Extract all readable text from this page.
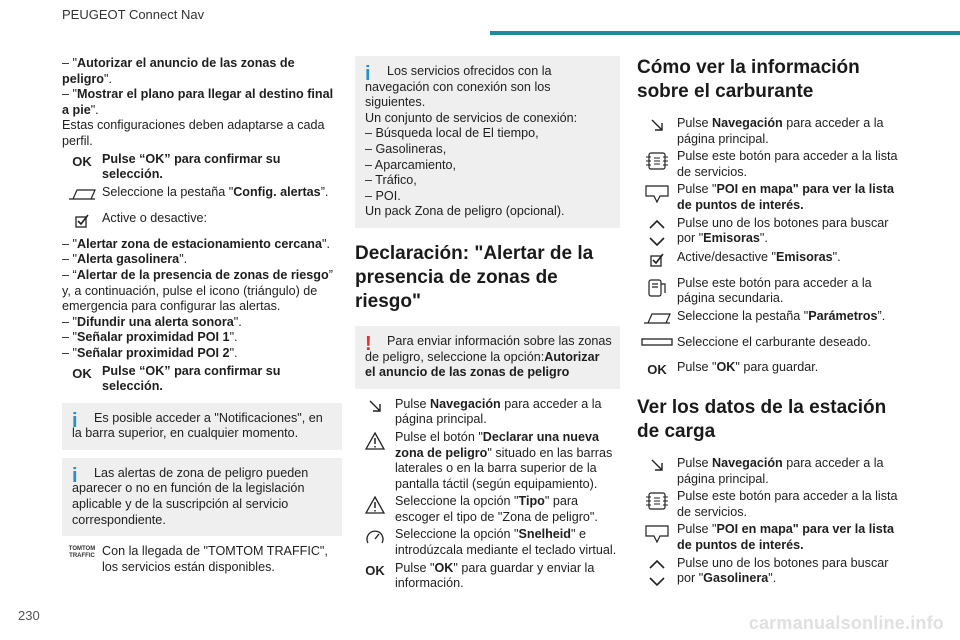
PEUGEOT Connect Nav

– "Autorizar el anuncio de las zonas de peligro".

– "Mostrar el plano para llegar al destino final a pie".

Estas configuraciones deben adaptarse a cada perfil.

OK Pulse “OK” para confirmar su selección.
Seleccione la pestaña "Config. alertas”.
Active o desactive:

– "Alertar zona de estacionamiento cercana".

– "Alerta gasolinera".

– “Alertar de la presencia de zonas de riesgo” y, a continuación, pulse el icono (triángulo) de emergencia para configurar las alertas.

– "Difundir una alerta sonora".

– "Señalar proximidad POI 1".

– "Señalar proximidad POI 2".

OK Pulse “OK” para confirmar su selección.
i	Es posible acceder a "Notificaciones", en la barra superior, en cualquier momento.

i	Las alertas de zona de peligro pueden aparecer o no en función de la legislación aplicable y de la suscripción al servicio correspondiente.

TOMTOM TRAFFIC Con la llegada de "TOMTOM TRAFFIC", los servicios están disponibles.
i	Los servicios ofrecidos con la navegación con conexión son los siguientes.

Un conjunto de servicios de conexión:

– Búsqueda local de El tiempo,

– Gasolineras,

– Aparcamiento,

– Tráfico,

– POI.

Un pack Zona de peligro (opcional).

Declaración: "Alertar de la presencia de zonas de riesgo"
!	Para enviar información sobre las zonas de peligro, seleccione la opción:Autorizar el anuncio de las zonas de peligro

Pulse Navegación para acceder a la página principal.
Pulse el botón "Declarar una nueva zona de peligro" situado en las barras laterales o en la barra superior de la pantalla táctil (según equipamiento).
Seleccione la opción "Tipo" para escoger el tipo de "Zona de peligro".
Seleccione la opción "Snelheid" e introdúzcala mediante el teclado virtual.
OK Pulse "OK" para guardar y enviar la información.
Cómo ver la información sobre el carburante
Pulse Navegación para acceder a la página principal.
Pulse este botón para acceder a la lista de servicios.
Pulse "POI en mapa" para ver la lista de puntos de interés.
Pulse uno de los botones para buscar por "Emisoras".
Active/desactive "Emisoras".
Pulse este botón para acceder a la página secundaria.
Seleccione la pestaña "Parámetros”.
Seleccione el carburante deseado.
OK Pulse "OK" para guardar.
Ver los datos de la estación de carga
Pulse Navegación para acceder a la página principal.
Pulse este botón para acceder a la lista de servicios.
Pulse "POI en mapa" para ver la lista de puntos de interés.
Pulse uno de los botones para buscar por "Gasolinera".
230	carmanualsonline.info
